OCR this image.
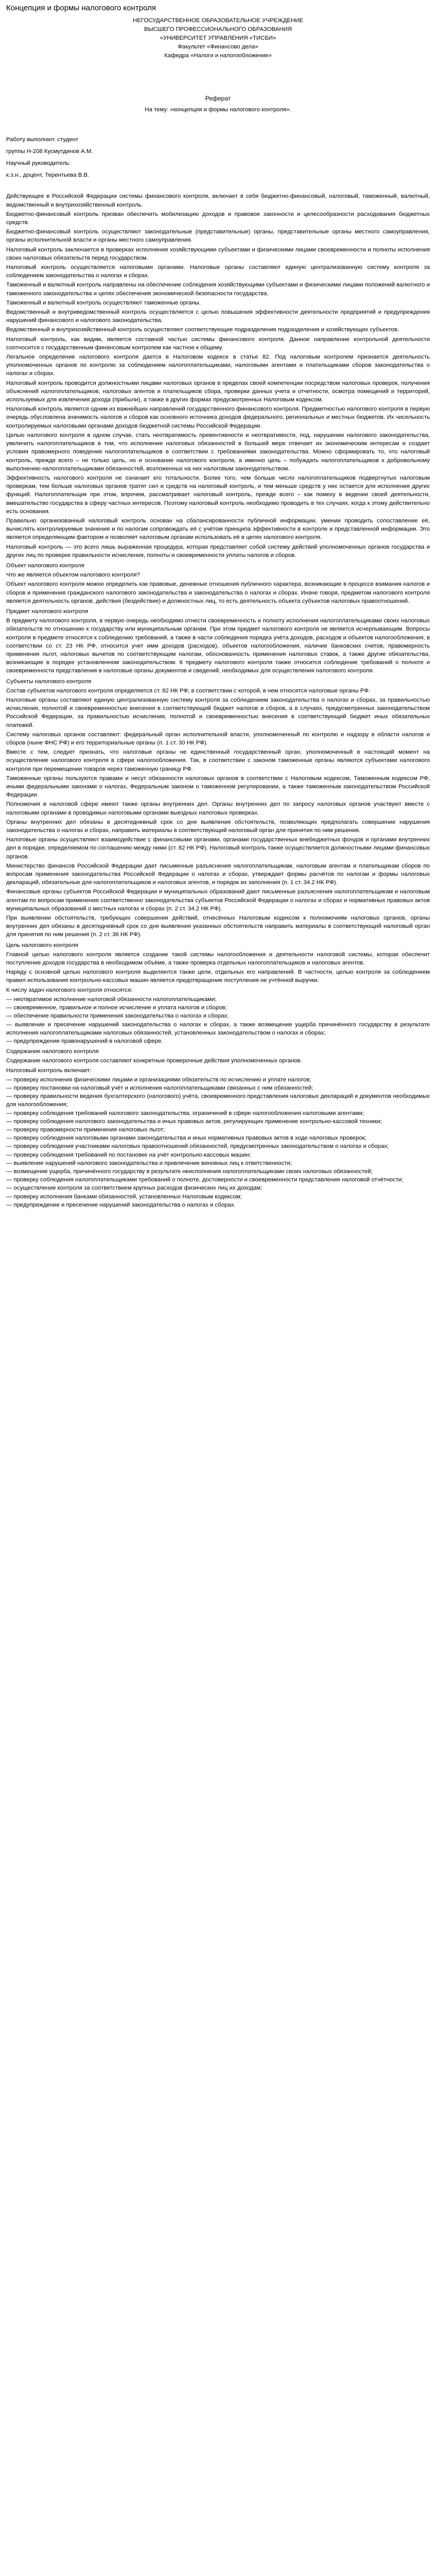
Концепция и формы налогового контроля

НЕГОСУДАРСТВЕННОЕ ОБРАЗОВАТЕЛЬНОЕ УЧРЕЖДЕНИЕ

ВЫСШЕГО ПРОФЕССИОНАЛЬНОГО ОБРАЗОВАНИЯ

«УНИВЕРСИТЕТ УПРАВЛЕНИЯ «ТИСБИ»

Факультет «Финансово дела»

Кафедра «Налоги и налогообложение»

Реферат

На тему: «концепция и формы налогового контроля».

Работу выполнил: студент

группы Н-208 Кусмутдинов А.М.

Научный руководитель:

к.э.н., доцент, Терентьева В.В.

Действующее в Российской Федерации системы финансового контроля, включает в себя бюджетно-финансовый, налоговый, таможенный, валютный, ведомственный и внутрихозяйственный контроль.

Бюджетно-финансовый контроль призван обеспечить мобилизацию доходов и правовое законности и целесообразности расходования бюджетных средств.

Бюджетно-финансовый контроль осуществляют законодательные (представительные) органы, представительные органы местного самоуправления, органы исполнительной власти и органы местного самоуправления.

Налоговый контроль заключается в проверках исполнения хозяйствующими субъектами и физическими лицами своевременности и полноты исполнения своих налоговых обязательств перед государством.

Налоговый контроль осуществляется налоговыми органами. Налоговые органы составляют единую централизованную систему контроля за соблюдением законодательства о налогах и сборах.

Таможенный и валютный контроль направлены на обеспечение соблюдения хозяйствующими субъектами и физическими лицами положений валютного и таможенного законодательства и целях обеспечения экономической безопасности государства.

Таможенный и валютный контроль осуществляют таможенные органы.

Ведомственный и внутриведомственный контроль осуществляется с целью повышения эффективности деятельности предприятий и предупреждения нарушений финансового и налогового законодательства.

Ведомственный и внутрихозяйственный контроль осуществляют соответствующие подразделения подразделения и хозяйствующих субъектов.

Налоговый контроль, как видим, является составной частью системы финансового контроля. Данное направление контрольной деятельности соотносится с государственным финансовым контролем как частное к общему.

Легальное определение налогового контроля дается в Налоговом кодексе в статье 82. Под налоговым контролем признается деятельность уполномоченных органов по контролю за соблюдением налогоплательщиками, налоговыми агентами и плательщиками сборов законодательства о налогах и сборах.

Налоговый контроль проводится должностными лицами налоговых органов в пределах своей компетенции посредством налоговых проверок, получения объяснений налогоплательщиков, налоговых агентов и плательщиков сбора, проверки данных учета и отчетности, осмотра помещений и территорий, используемых для извлечения дохода (прибыли), а также в других формах предусмотренных Налоговым кодексом.

Налоговый контроль является одним из важнейших направлений государственного финансового контроля. Предметностью налогового контроля в первую очередь обусловлена значимость налогов и сборов как основного источника доходов федерального, региональных и местных бюджетов. Их чисельность контролируемых налоговыми органами доходов бюджетной системы Российской Федерации.

Целью налогового контроля в одном случае, стать неотвратимость превентивности и неотвратимости, под, нарушении налогового законодательства, увеличить налогоплательщиков в том, что исполнение налоговых обязанностей в большей мере отвечает их экономическим интересам и создает условия правомерного поведения налогоплательщиков в соответствии с требованиями законодательства. Можно сформировать то, что налоговый контроль, прежде всего – не только цель, но и основание налогового контроля, а именно цель – побуждать налогоплательщиков к добровольному выполнению налогоплательщиками обязанностей, возложенных на них налоговым законодательством.

Эффективность налогового контроля не означает его тотальности. Более того, чем больше число налогоплательщиков подвергнутых налоговым проверкам, тем больше налоговых органов тратят сил и средств на налоговый контроль, и тем меньше средств у них остается для исполнения других функций. Налогоплательщик при этом, впрочем, рассматривает налоговый контроль, прежде всего – как помеху в ведении своей деятельности, вмешательство государства в сферу частных интересов. Поэтому налоговый контроль необходимо проводить в тех случаях, когда к этому действительно есть основания.

Правильно организованный налоговый контроль основан на сбалансированности публичной информации, умении проводить сопоставление её, вычислять контролируемые значения и по налогам сопровождать её с учётом принципа эффективности в контроле и представленной информации. Это является определяющим фактором и позволяет налоговым органам использовать её в целях налогового контроля.

Налоговый контроль — это всего лишь выраженная процедура, которая представляет собой систему действий уполномоченных органов государства и других лиц по проверке правильности исчисления, полноты и своевременности уплаты налогов и сборов.

Объект налогового контроля

Что же является объектом налогового контроля?

Объект налогового контроля можно определить как правовые, денежные отношения публичного характера, возникающие в процессе взимания налогов и сборов и применения гражданского налогового законодательства и законодательства о налогах и сборах. Иначе говоря, предметом налогового контроля является деятельность органов, действия (бездействие) и должностных лиц, то есть деятельность объекта субъектов налоговых правоотношений.

Предмет налогового контроля

В предмету налогового контроля, в первую очередь необходимо отнести своевременность и полноту исполнения налогоплательщиками своих налоговых обязательств по отношению к государству или муниципальным органам. При этом предмет налогового контроля не является исчерпывающим. Вопросы контроля в предмете относятся к соблюдению требований, а также в части соблюдения порядка учёта доходов, расходов и объектов налогообложения, в соответствии со ст. 23 НК РФ, относится учет имм доходов (расходов), объектов налогообложения, наличие банковских счетов, правомерность применения льгот, налоговых вычетов по соответствующим налогам, обоснованность применения налоговых ставок, а также другие обязательства, возникающие в порядке установленном законодательством. К предмету налогового контроля также относится соблюдение требований о полноте и своевременности представления в налоговые органы документов и сведений, необходимых для осуществления налогового контроля.

Субъекты налогового контроля

Состав субъектов налогового контроля определяется ст. 82 НК РФ; в соответствии с которой, в нем относятся налоговые органы РФ.

Налоговые органы составляют единую централизованную систему контроля за соблюдением законодательства о налогах и сборах, за правильностью исчисления, полнотой и своевременностью внесения в соответствующий бюджет налогов и сборов, а в случаях, предусмотренных законодательством Российской Федерации, за правильностью исчисления, полнотой и своевременностью внесения в соответствующий бюджет иных обязательных платежей.

Систему налоговых органов составляют: федеральный орган исполнительной власти, уполномоченный по контролю и надзору в области налогов и сборов (ныне ФНС РФ) и его территориальные органы (п. 1 ст. 30 НК РФ).

Вместе с тем, следует признать, что налоговые органы не единственный государственный орган, уполномоченный в настоящий момент на осуществление налогового контроля в сфере налогообложения. Так, в соответствии с законом таможенные органы являются субъектами налогового контроля при перемещении товаров через таможенную границу РФ.

Таможенные органы пользуются правами и несут обязанности налоговых органов в соответствии с Налоговым кодексом, Таможенным кодексом РФ, иными федеральными законами о налогах, Федеральным законом о таможенном регулировании, а также таможенным законодательством Российской Федерации.

Полномочия в налоговой сфере имеют также органы внутренних дел. Органы внутренних дел по запросу налоговых органов участвуют вместе с налоговыми органами в проводимых налоговыми органами выездных налоговых проверках.

Органы внутренних дел обязаны в десятидневный срок со дня выявления обстоятельств, позволяющих предполагать совершение нарушения законодательства о налогах и сборах, направить материалы в соответствующий налоговый орган для принятия по ним решения.

Налоговые органы осуществляют взаимодействие с финансовыми органами, органами государственных внебюджетных фондов и органами внутренних дел в порядке, определяемом по соглашению между ними (ст. 82 НК РФ). Налоговый контроль также осуществляется должностными лицами финансовых органов.

Министерство финансов Российской Федерации дает письменные разъяснения налогоплательщикам, налоговым агентам и плательщикам сборов по вопросам применения законодательства Российской Федерации о налогах и сборах, утверждает формы расчётов по налогам и формы налоговых деклараций, обязательные для налогоплательщиков и налоговых агентов, и порядок их заполнения (п. 1 ст. 34.2 НК РФ).

Финансовые органы субъектов Российской Федерации и муниципальных образований дают письменные разъяснения налогоплательщикам и налоговым агентам по вопросам применения соответственно законодательства субъектов Российской Федерации о налогах и сборах и нормативных правовых актов муниципальных образований о местных налогах и сборах (п. 2 ст. 34.2 НК РФ).

При выявлении обстоятельств, требующих совершения действий, отнесённых Налоговым кодексом к полномочиям налоговых органов, органы внутренних дел обязаны в десятидневный срок со дня выявления указанных обстоятельств направить материалы в соответствующий налоговый орган для принятия по ним решения (п. 2 ст. 36 НК РФ).

Цель налогового контроля

Главной целью налогового контроля является создание такой системы налогообложения и деятельности налоговой системы, которая обеспечит поступление доходов государства в необходимом объёме, а также проверка отдельных налогоплательщиков и налоговых агентов.

Наряду с основной целью налогового контроля выделяются также цели, отдельных его направлений. В частности, целью контроля за соблюдением правил использования контрольно-кассовых машин является предотвращение поступления не учтённой выручки.

К числу задач налогового контроля относятся:

— неотвратимое исполнение налоговой обязанности налогоплательщиками;

— своевременное, правильное и полное исчисление и уплата налогов и сборов;

— обеспечение правильности применения законодательства о налогах и сборах;

— выявление и пресечение нарушений законодательства о налогах и сборах, а также возмещение ущерба причинённого государству в результате исполнения налогоплательщиками налоговых обязанностей, установленных законодательством о налогах и сборах;

— предупреждение правонарушений в налоговой сфере.

Содержание налогового контроля

Содержание налогового контроля составляют конкретные проверочные действия уполномоченных органов.

Налоговый контроль включает:

— проверку исполнения физическими лицами и организациями обязательств по исчислению и уплате налогов;

— проверку постановки на налоговый учёт и исполнения налогоплательщиками связанных с ним обязанностей;

— проверку правильности ведения бухгалтерского (налогового) учёта, своевременного представления налоговых деклараций и документов необходимых для налогообложения;

— проверку соблюдения требований налогового законодательства, ограничений в сфере налогообложения налоговыми агентами;

— проверку соблюдения налогового законодательства и иных правовых актов, регулирующих применение контрольно-кассовой техники;

— проверку правомерности применения налоговых льгот;

— проверку соблюдения налоговыми органами законодательства и иных нормативных правовых актов в ходе налоговых проверок;

— проверку соблюдения участниками налоговых правоотношений обязанностей, предусмотренных законодательством о налогах и сборах;

— проверку соблюдения требований по постановке на учёт контрольно-кассовых машин;

— выявление нарушений налогового законодательства и привлечение виновных лиц к ответственности;

— возмещение ущерба, причинённого государству в результате неисполнения налогоплательщиками своих налоговых обязанностей;

— проверку соблюдения налогоплательщиками требований о полноте, достоверности и своевременности представления налоговой отчётности;

— осуществление контроля за соответствием крупных расходов физических лиц их доходам;

— проверку исполнения банками обязанностей, установленных Налоговым кодексом;

— предупреждение и пресечение нарушений законодательства о налогах и сборах.
